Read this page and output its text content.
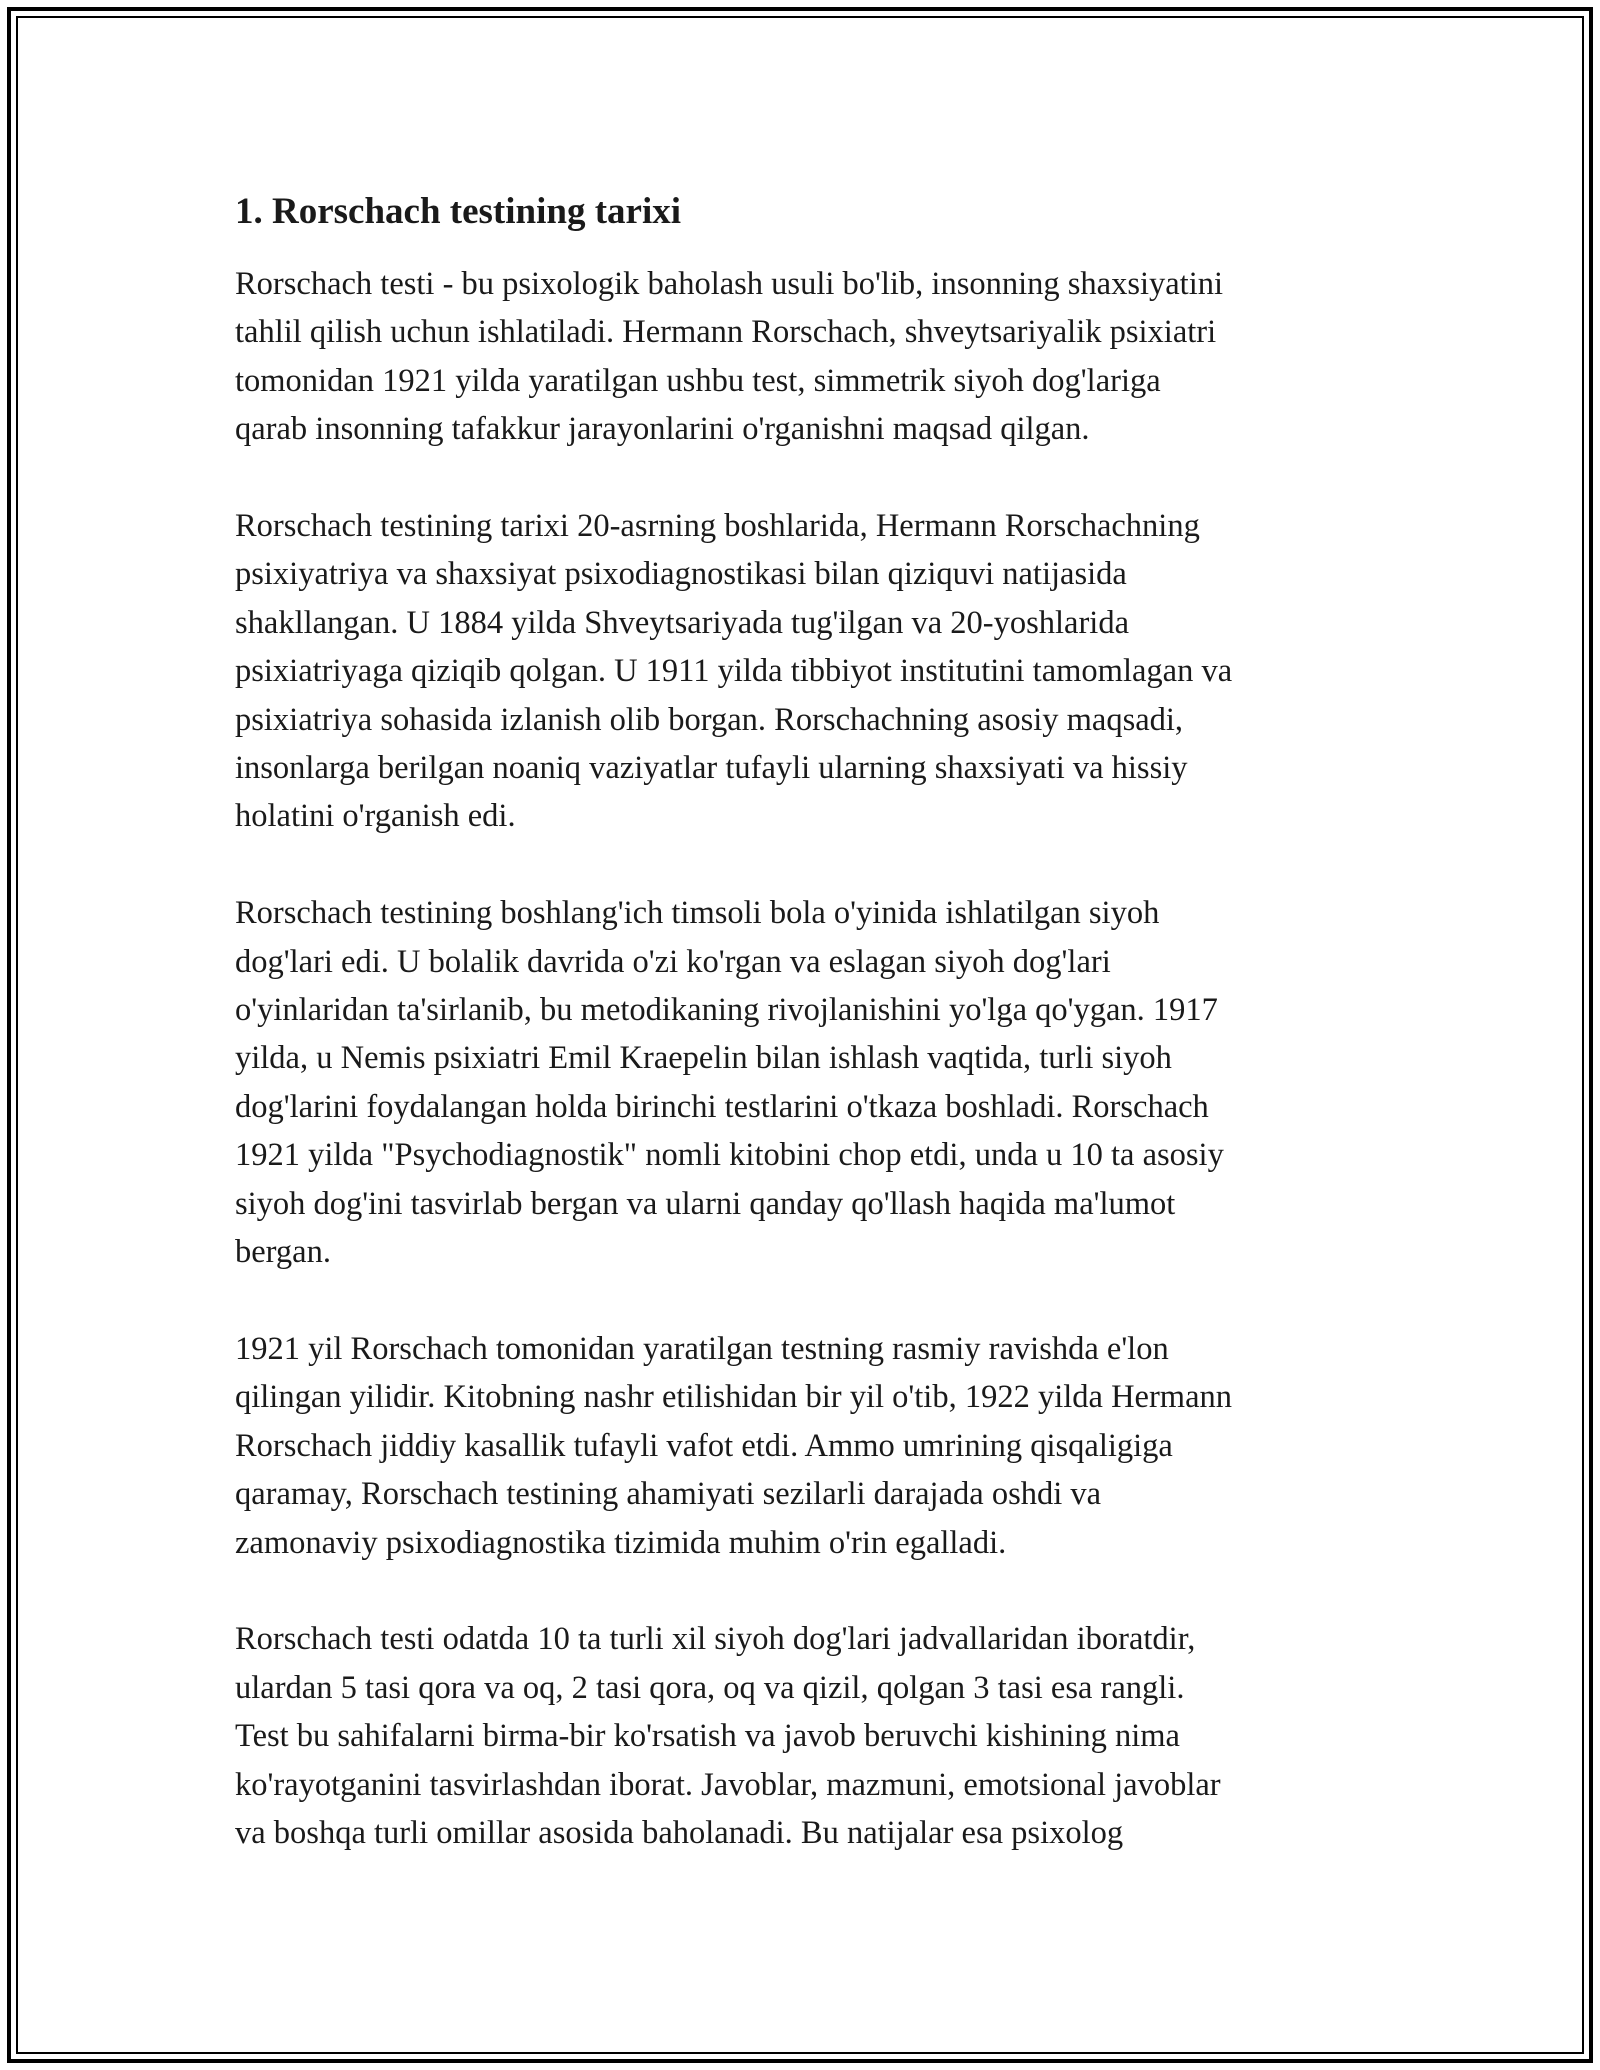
1. Rorschach testining tarixi

Rorschach testi - bu psixologik baholash usuli bo'lib, insonning shaxsiyatini
tahlil qilish uchun ishlatiladi. Hermann Rorschach, shveytsariyalik psixiatri
tomonidan 1921 yilda yaratilgan ushbu test, simmetrik siyoh dog'lariga
qarab insonning tafakkur jarayonlarini o'rganishni maqsad qilgan.

Rorschach testining tarixi 20-asrning boshlarida, Hermann Rorschachning
psixiyatriya va shaxsiyat psixodiagnostikasi bilan qiziquvi natijasida
shakllangan. U 1884 yilda Shveytsariyada tug'ilgan va 20-yoshlarida
psixiatriyaga qiziqib qolgan. U 1911 yilda tibbiyot institutini tamomlagan va
psixiatriya sohasida izlanish olib borgan. Rorschachning asosiy maqsadi,
insonlarga berilgan noaniq vaziyatlar tufayli ularning shaxsiyati va hissiy
holatini o'rganish edi.

Rorschach testining boshlang'ich timsoli bola o'yinida ishlatilgan siyoh
dog'lari edi. U bolalik davrida o'zi ko'rgan va eslagan siyoh dog'lari
o'yinlaridan ta'sirlanib, bu metodikaning rivojlanishini yo'lga qo'ygan. 1917
yilda, u Nemis psixiatri Emil Kraepelin bilan ishlash vaqtida, turli siyoh
dog'larini foydalangan holda birinchi testlarini o'tkaza boshladi. Rorschach
1921 yilda "Psychodiagnostik" nomli kitobini chop etdi, unda u 10 ta asosiy
siyoh dog'ini tasvirlab bergan va ularni qanday qo'llash haqida ma'lumot
bergan.

1921 yil Rorschach tomonidan yaratilgan testning rasmiy ravishda e'lon
qilingan yilidir. Kitobning nashr etilishidan bir yil o'tib, 1922 yilda Hermann
Rorschach jiddiy kasallik tufayli vafot etdi. Ammo umrining qisqaligiga
qaramay, Rorschach testining ahamiyati sezilarli darajada oshdi va
zamonaviy psixodiagnostika tizimida muhim o'rin egalladi.

Rorschach testi odatda 10 ta turli xil siyoh dog'lari jadvallaridan iboratdir,
ulardan 5 tasi qora va oq, 2 tasi qora, oq va qizil, qolgan 3 tasi esa rangli.
Test bu sahifalarni birma-bir ko'rsatish va javob beruvchi kishining nima
ko'rayotganini tasvirlashdan iborat. Javoblar, mazmuni, emotsional javoblar
va boshqa turli omillar asosida baholanadi. Bu natijalar esa psixolog
